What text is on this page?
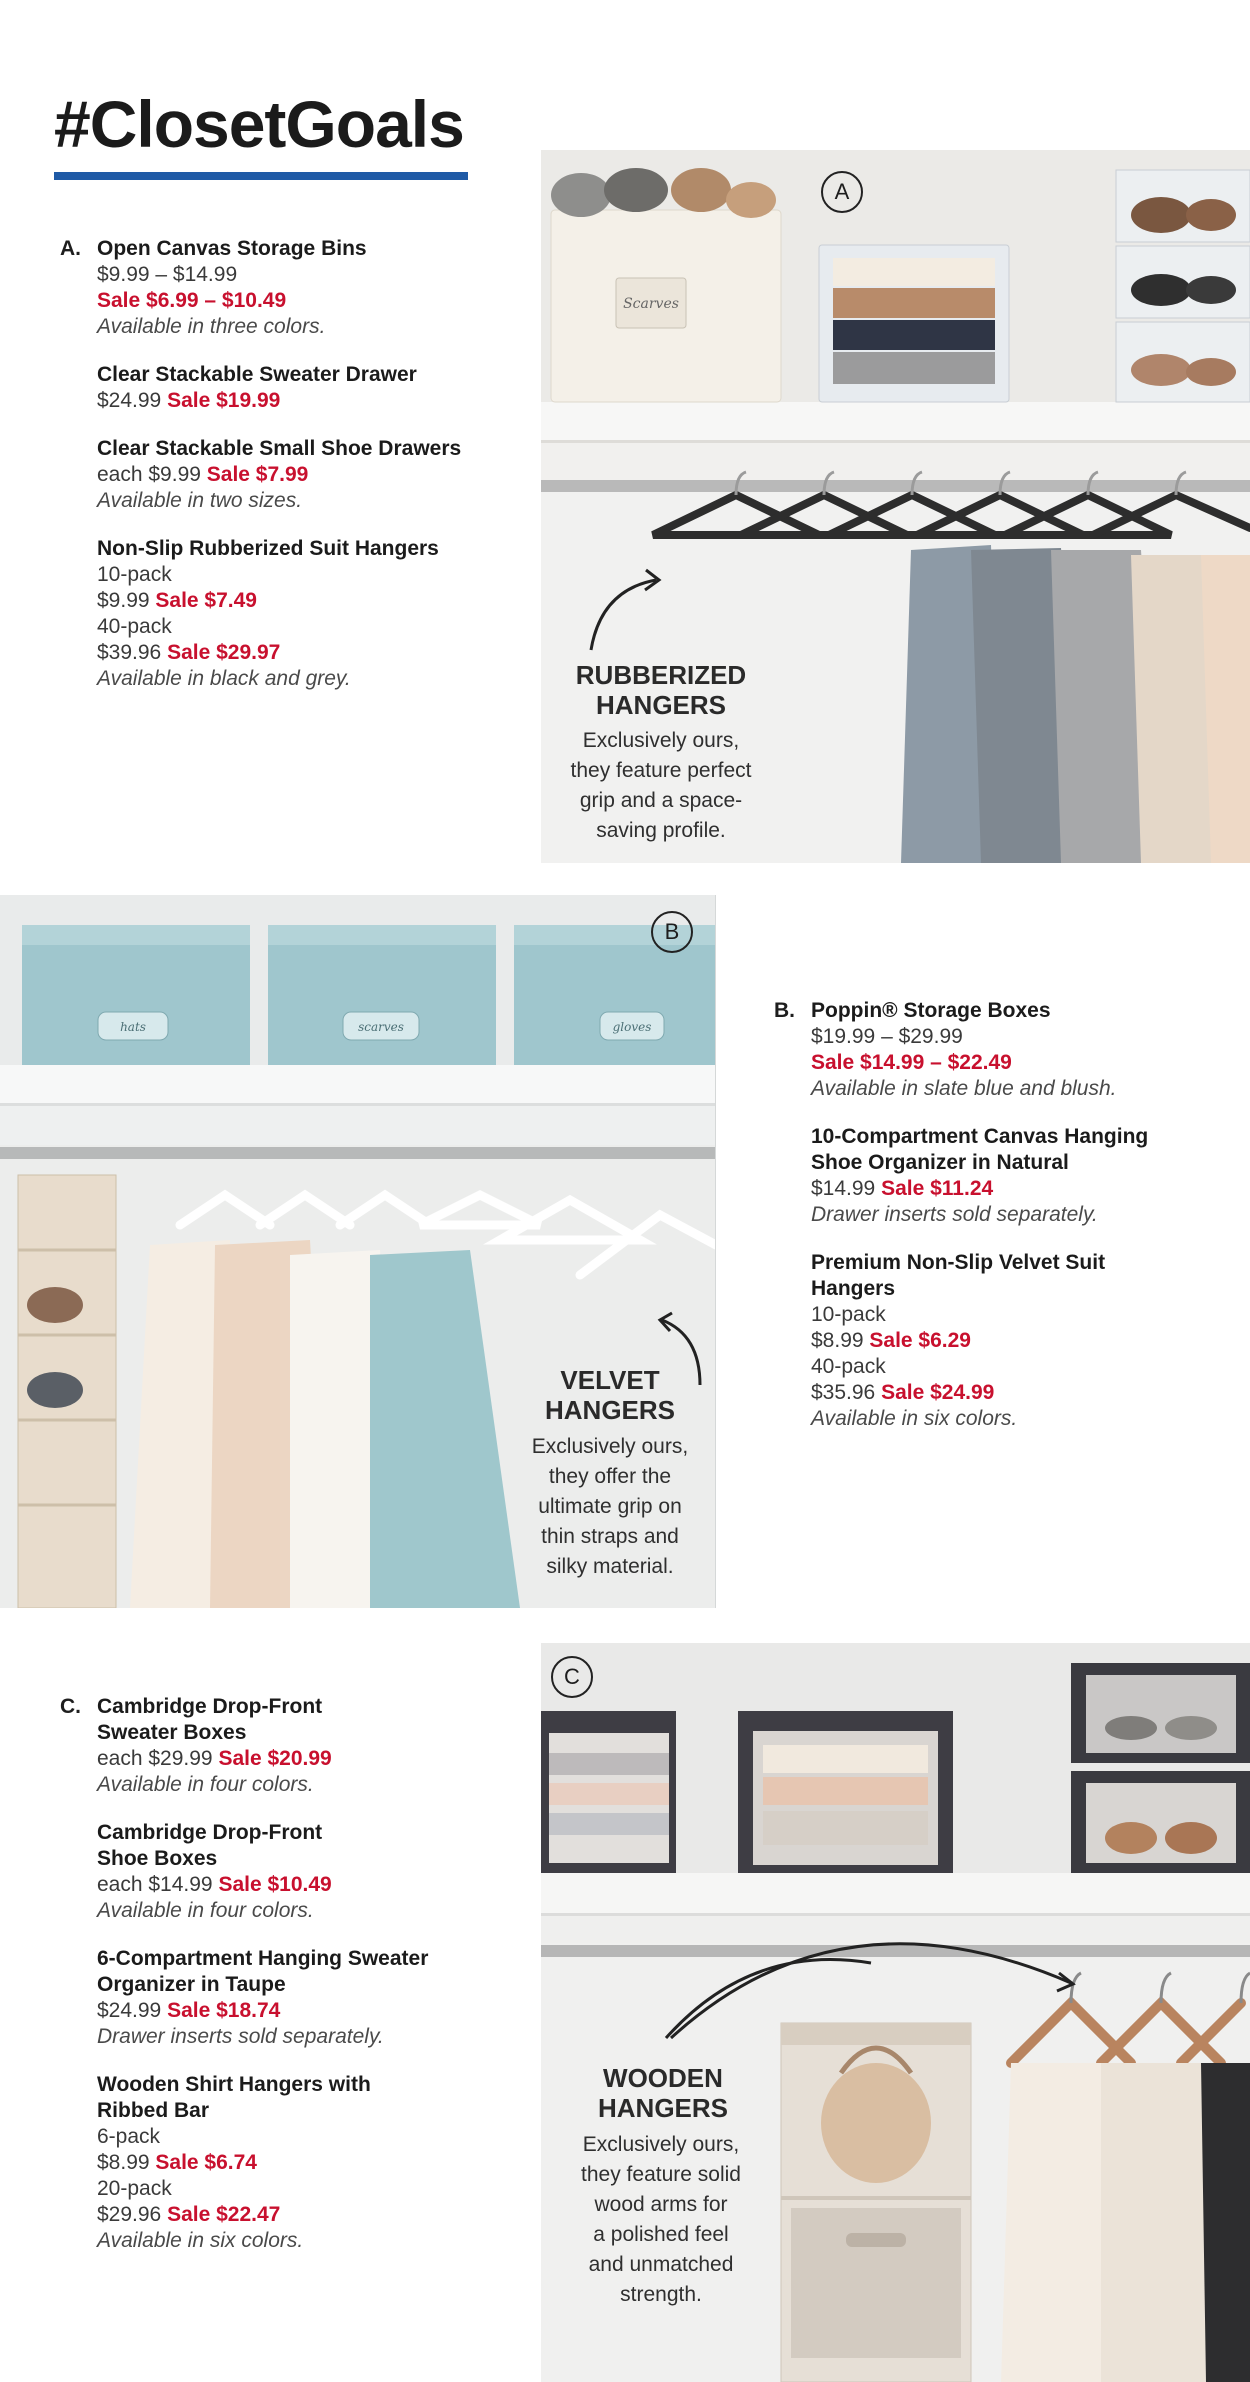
#ClosetGoals
A. Open Canvas Storage Bins
$9.99 – $14.99
Sale $6.99 – $10.49
Available in three colors.
Clear Stackable Sweater Drawer
$24.99 Sale $19.99
Clear Stackable Small Shoe Drawers
each $9.99 Sale $7.99
Available in two sizes.
Non-Slip Rubberized Suit Hangers
10-pack
$9.99 Sale $7.49
40-pack
$39.96 Sale $29.97
Available in black and grey.
Scarves
A
RUBBERIZED
HANGERS
Exclusively ours,
they feature perfect
grip and a space-
saving profile.
hats	scarves	gloves
B
VELVET
HANGERS
Exclusively ours,
they offer the
ultimate grip on
thin straps and
silky material.
B. Poppin® Storage Boxes
$19.99 – $29.99
Sale $14.99 – $22.49
Available in slate blue and blush.
10-Compartment Canvas Hanging Shoe Organizer in Natural
$14.99 Sale $11.24
Drawer inserts sold separately.
Premium Non-Slip Velvet Suit Hangers
10-pack
$8.99 Sale $6.29
40-pack
$35.96 Sale $24.99
Available in six colors.
C. Cambridge Drop-Front Sweater Boxes
each $29.99 Sale $20.99
Available in four colors.
Cambridge Drop-Front Shoe Boxes
each $14.99 Sale $10.49
Available in four colors.
6-Compartment Hanging Sweater Organizer in Taupe
$24.99 Sale $18.74
Drawer inserts sold separately.
Wooden Shirt Hangers with Ribbed Bar
6-pack
$8.99 Sale $6.74
20-pack
$29.96 Sale $22.47
Available in six colors.
C
WOODEN
HANGERS
Exclusively ours,
they feature solid
wood arms for
a polished feel
and unmatched
strength.
